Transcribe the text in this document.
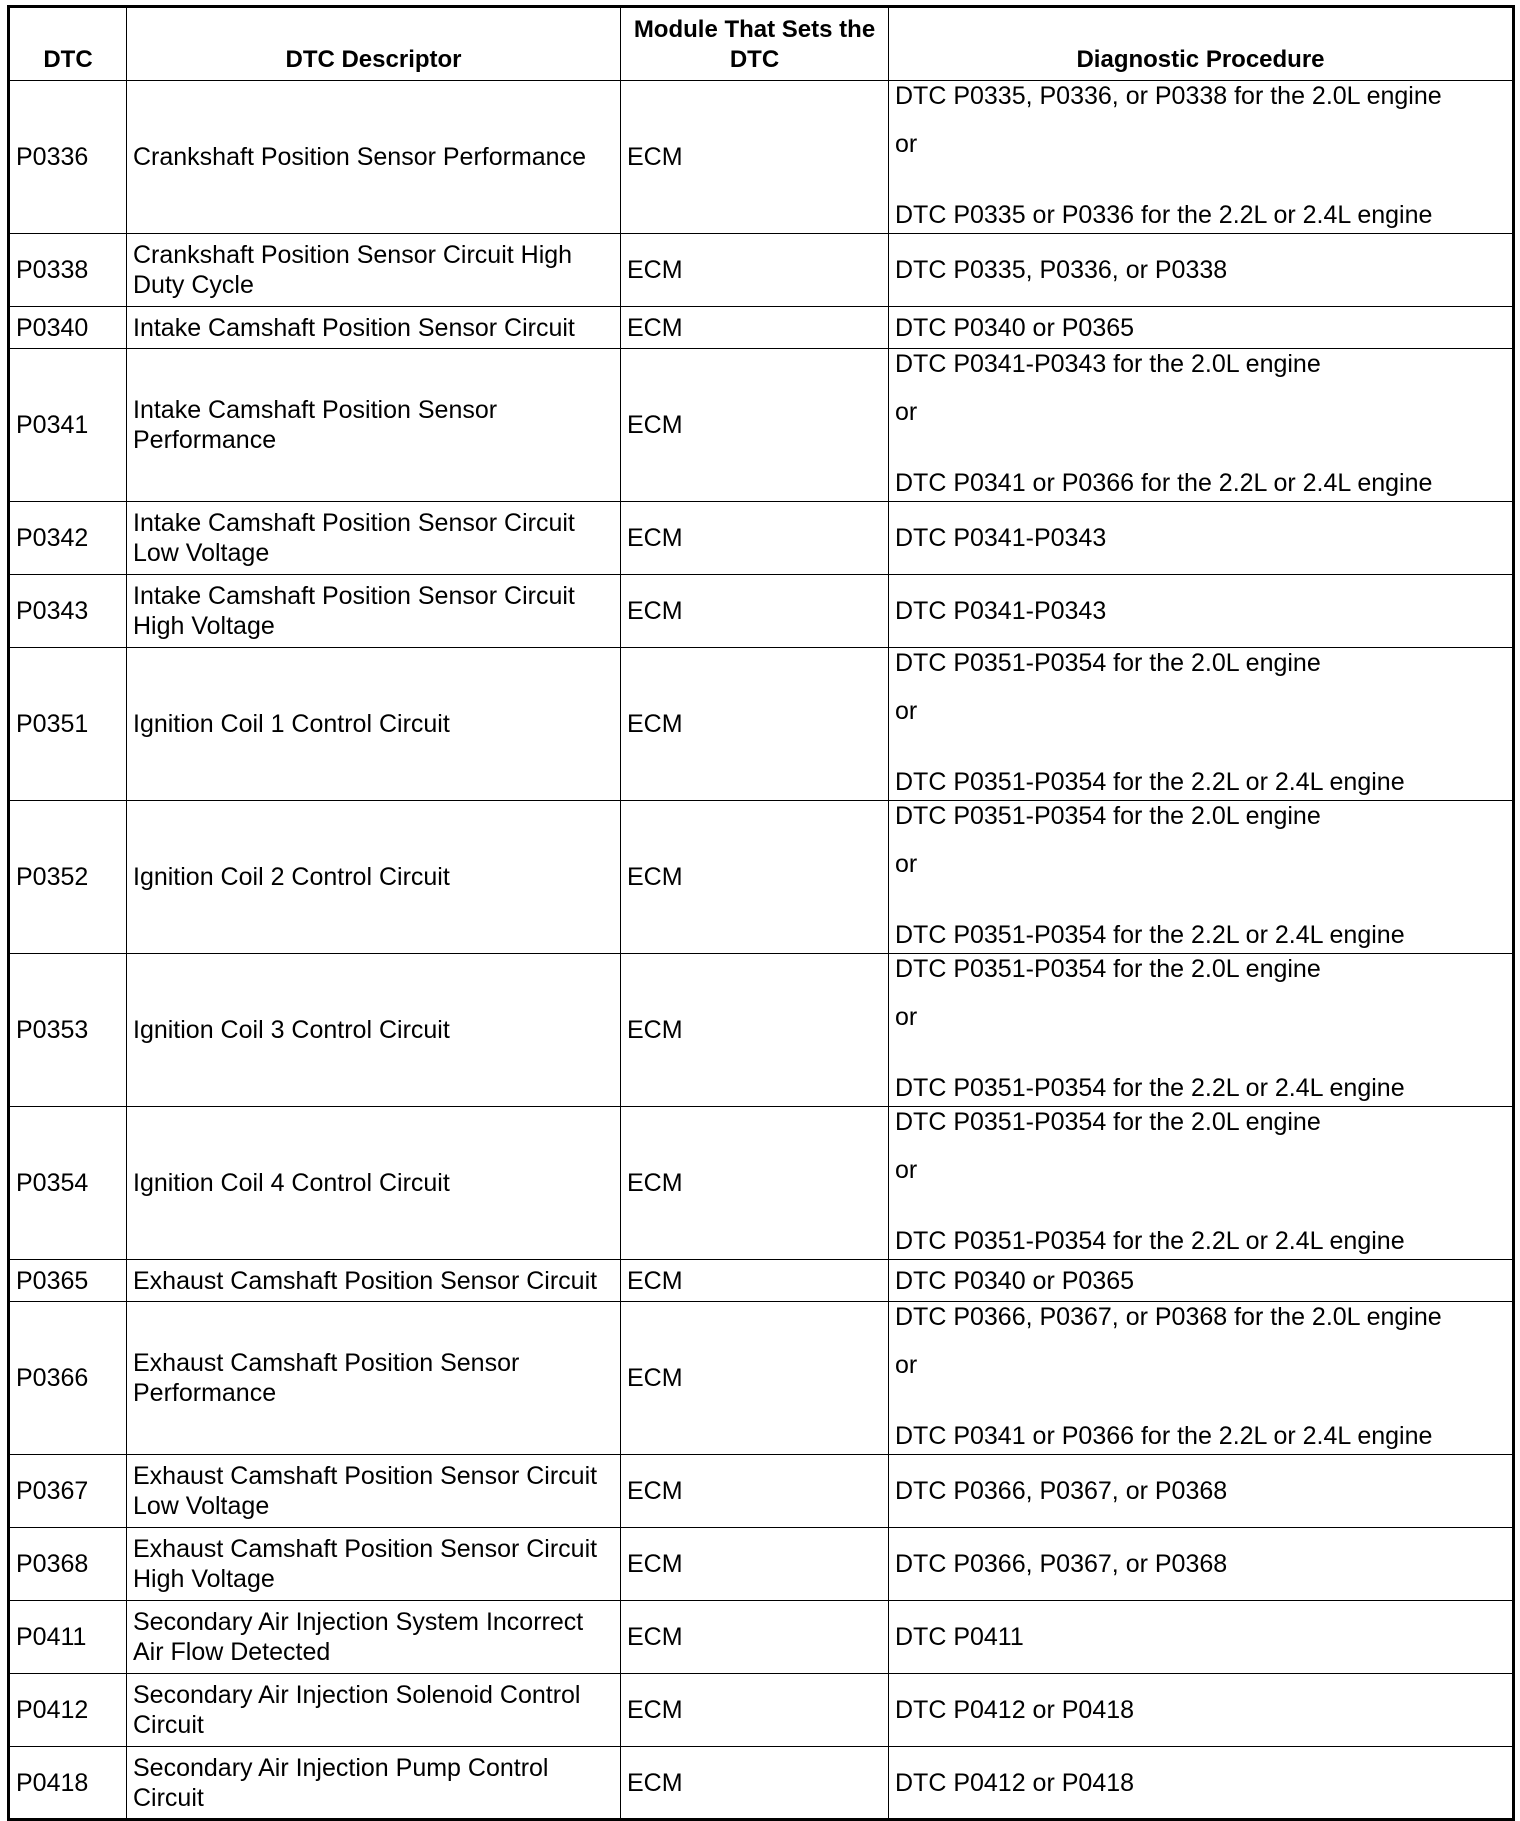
DTC	DTC Descriptor	Module That Sets the DTC	Diagnostic Procedure
P0336	Crankshaft Position Sensor Performance	ECM	DTC P0335, P0336, or P0338 for the 2.0L engine
or
DTC P0335 or P0336 for the 2.2L or 2.4L engine

P0338	Crankshaft Position Sensor Circuit High Duty Cycle	ECM	DTC P0335, P0336, or P0338

P0340	Intake Camshaft Position Sensor Circuit	ECM	DTC P0340 or P0365

P0341	Intake Camshaft Position Sensor Performance	ECM	DTC P0341-P0343 for the 2.0L engine
or
DTC P0341 or P0366 for the 2.2L or 2.4L engine

P0342	Intake Camshaft Position Sensor Circuit Low Voltage	ECM	DTC P0341-P0343

P0343	Intake Camshaft Position Sensor Circuit High Voltage	ECM	DTC P0341-P0343

P0351	Ignition Coil 1 Control Circuit	ECM	DTC P0351-P0354 for the 2.0L engine
or
DTC P0351-P0354 for the 2.2L or 2.4L engine

P0352	Ignition Coil 2 Control Circuit	ECM	DTC P0351-P0354 for the 2.0L engine
or
DTC P0351-P0354 for the 2.2L or 2.4L engine

P0353	Ignition Coil 3 Control Circuit	ECM	DTC P0351-P0354 for the 2.0L engine
or
DTC P0351-P0354 for the 2.2L or 2.4L engine

P0354	Ignition Coil 4 Control Circuit	ECM	DTC P0351-P0354 for the 2.0L engine
or
DTC P0351-P0354 for the 2.2L or 2.4L engine

P0365	Exhaust Camshaft Position Sensor Circuit	ECM	DTC P0340 or P0365

P0366	Exhaust Camshaft Position Sensor Performance	ECM	DTC P0366, P0367, or P0368 for the 2.0L engine
or
DTC P0341 or P0366 for the 2.2L or 2.4L engine

P0367	Exhaust Camshaft Position Sensor Circuit Low Voltage	ECM	DTC P0366, P0367, or P0368

P0368	Exhaust Camshaft Position Sensor Circuit High Voltage	ECM	DTC P0366, P0367, or P0368

P0411	Secondary Air Injection System Incorrect Air Flow Detected	ECM	DTC P0411

P0412	Secondary Air Injection Solenoid Control Circuit	ECM	DTC P0412 or P0418

P0418	Secondary Air Injection Pump Control Circuit	ECM	DTC P0412 or P0418
